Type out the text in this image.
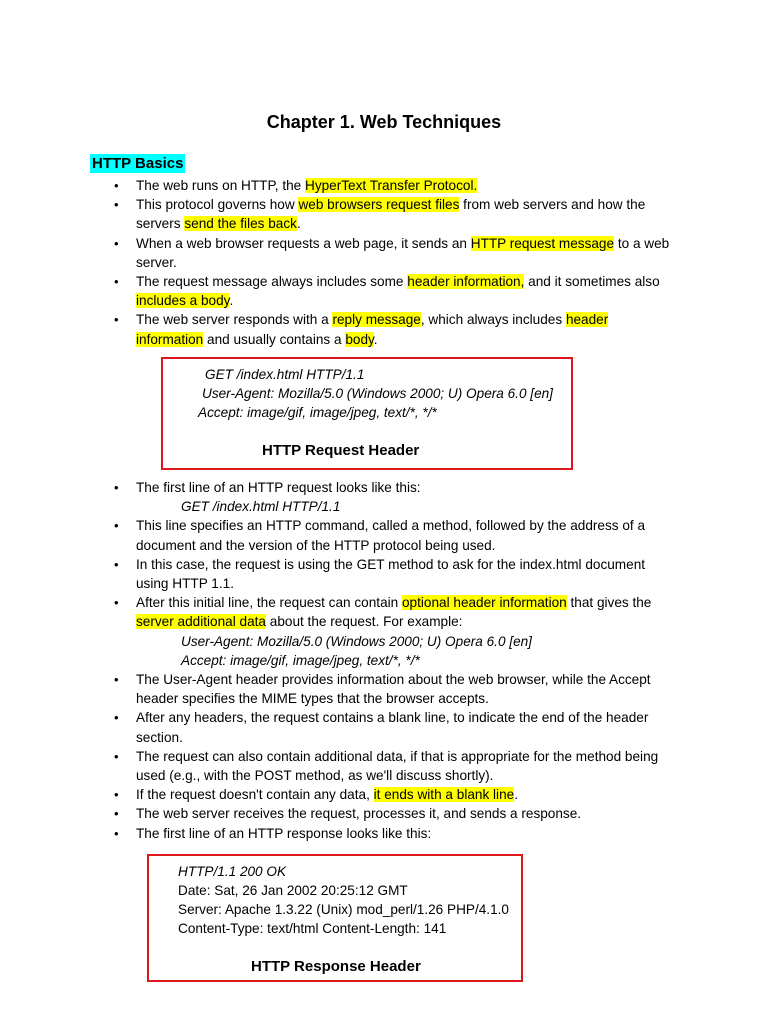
Chapter 1. Web Techniques
HTTP Basics
• The web runs on HTTP, the HyperText Transfer Protocol.
• This protocol governs how web browsers request files from web servers and how the servers send the files back.
• When a web browser requests a web page, it sends an HTTP request message to a web server.
• The request message always includes some header information, and it sometimes also includes a body.
• The web server responds with a reply message, which always includes header information and usually contains a body.
GET /index.html HTTP/1.1
User-Agent: Mozilla/5.0 (Windows 2000; U) Opera 6.0 [en]
Accept: image/gif, image/jpeg, text/*, */*
HTTP Request Header
• The first line of an HTTP request looks like this:
GET /index.html HTTP/1.1
• This line specifies an HTTP command, called a method, followed by the address of a document and the version of the HTTP protocol being used.
• In this case, the request is using the GET method to ask for the index.html document using HTTP 1.1.
• After this initial line, the request can contain optional header information that gives the server additional data about the request. For example:
User-Agent: Mozilla/5.0 (Windows 2000; U) Opera 6.0 [en]
Accept: image/gif, image/jpeg, text/*, */*
• The User-Agent header provides information about the web browser, while the Accept header specifies the MIME types that the browser accepts.
• After any headers, the request contains a blank line, to indicate the end of the header section.
• The request can also contain additional data, if that is appropriate for the method being used (e.g., with the POST method, as we'll discuss shortly).
• If the request doesn't contain any data, it ends with a blank line.
• The web server receives the request, processes it, and sends a response.
• The first line of an HTTP response looks like this:
HTTP/1.1 200 OK
Date: Sat, 26 Jan 2002 20:25:12 GMT
Server: Apache 1.3.22 (Unix) mod_perl/1.26 PHP/4.1.0
Content-Type: text/html Content-Length: 141
HTTP Response Header
